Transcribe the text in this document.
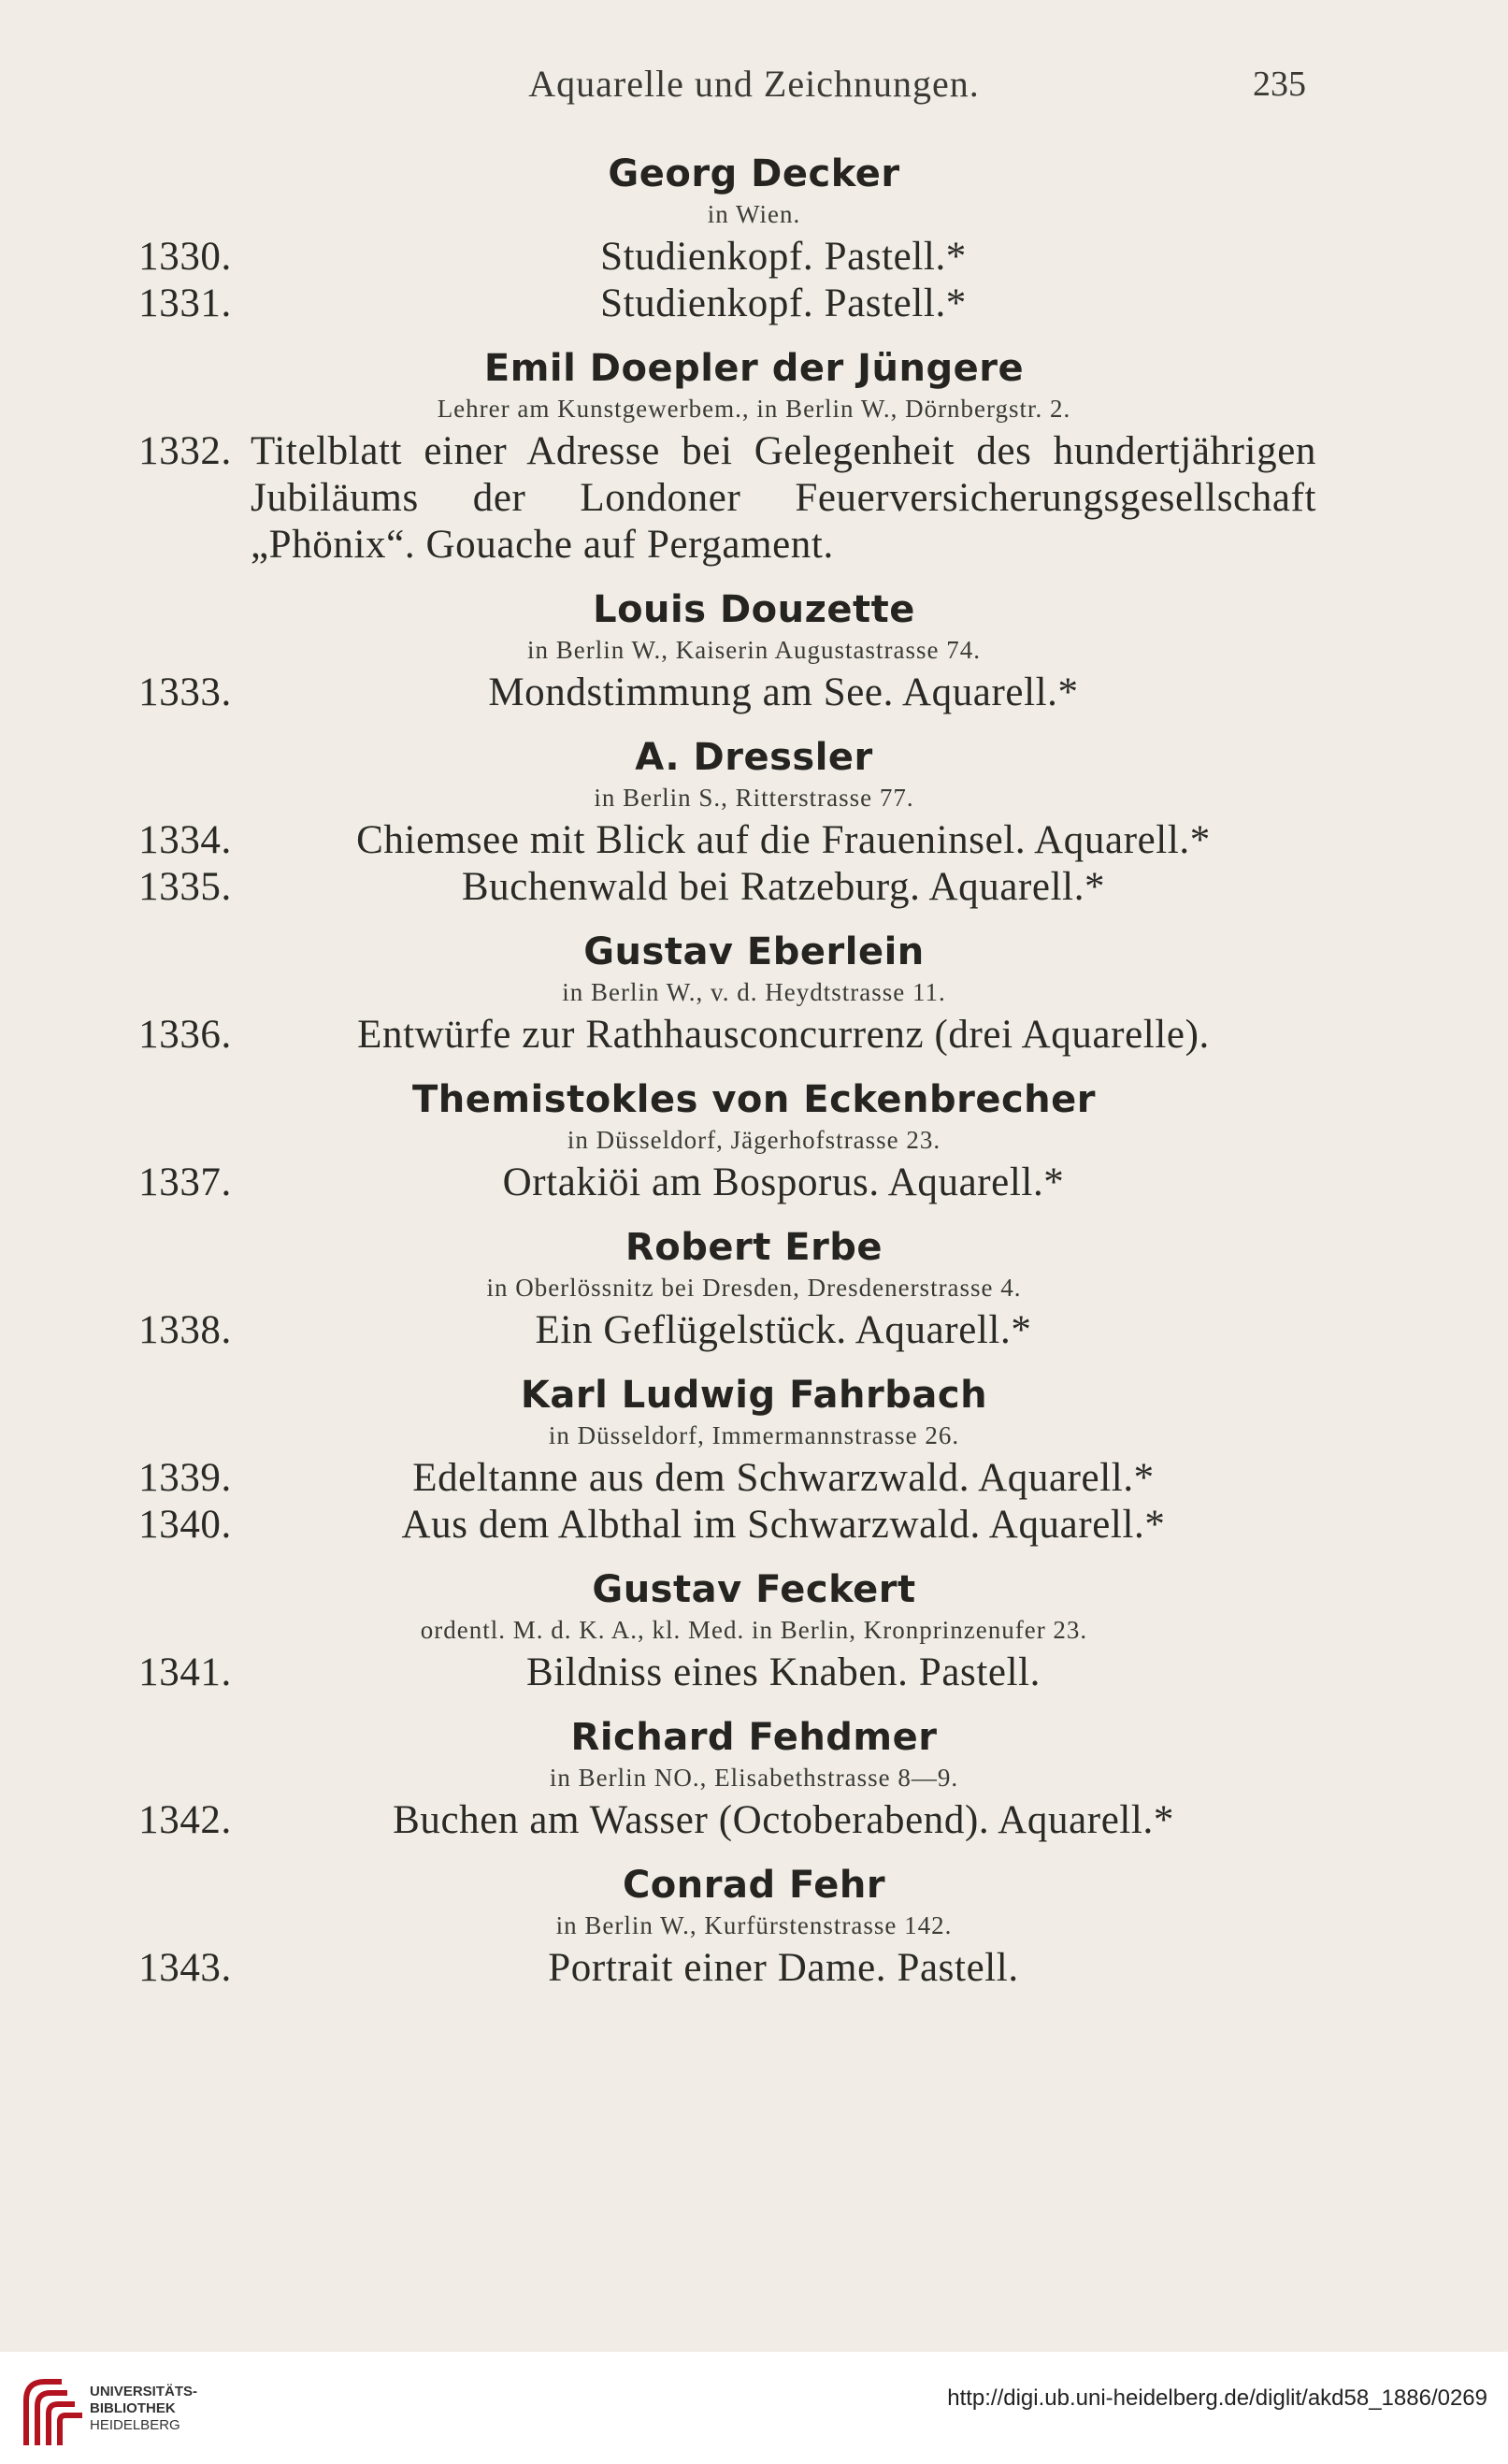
Aquarelle und Zeichnungen.	235
Georg Decker
in Wien.
1330.	Studienkopf. Pastell.*
1331.	Studienkopf. Pastell.*
Emil Doepler der Jüngere
Lehrer am Kunstgewerbem., in Berlin W., Dörnbergstr. 2.
1332. Titelblatt einer Adresse bei Gelegenheit des hundertjährigen Jubiläums der Londoner Feuerversicherungsgesellschaft „Phönix“. Gouache auf Pergament.
Louis Douzette
in Berlin W., Kaiserin Augustastrasse 74.
1333.	Mondstimmung am See. Aquarell.*
A. Dressler
in Berlin S., Ritterstrasse 77.
1334.	Chiemsee mit Blick auf die Fraueninsel. Aquarell.*
1335.	Buchenwald bei Ratzeburg. Aquarell.*
Gustav Eberlein
in Berlin W., v. d. Heydtstrasse 11.
1336.	Entwürfe zur Rathhausconcurrenz (drei Aquarelle).
Themistokles von Eckenbrecher
in Düsseldorf, Jägerhofstrasse 23.
1337.	Ortakiöi am Bosporus. Aquarell.*
Robert Erbe
in Oberlössnitz bei Dresden, Dresdenerstrasse 4.
1338.	Ein Geflügelstück. Aquarell.*
Karl Ludwig Fahrbach
in Düsseldorf, Immermannstrasse 26.
1339.	Edeltanne aus dem Schwarzwald. Aquarell.*
1340.	Aus dem Albthal im Schwarzwald. Aquarell.*
Gustav Feckert
ordentl. M. d. K. A., kl. Med. in Berlin, Kronprinzenufer 23.
1341.	Bildniss eines Knaben. Pastell.
Richard Fehdmer
in Berlin NO., Elisabethstrasse 8—9.
1342.	Buchen am Wasser (Octoberabend). Aquarell.*
Conrad Fehr
in Berlin W., Kurfürstenstrasse 142.
1343.	Portrait einer Dame. Pastell.
UNIVERSITÄTS-
BIBLIOTHEK
HEIDELBERG
http://digi.ub.uni-heidelberg.de/diglit/akd58_1886/0269
